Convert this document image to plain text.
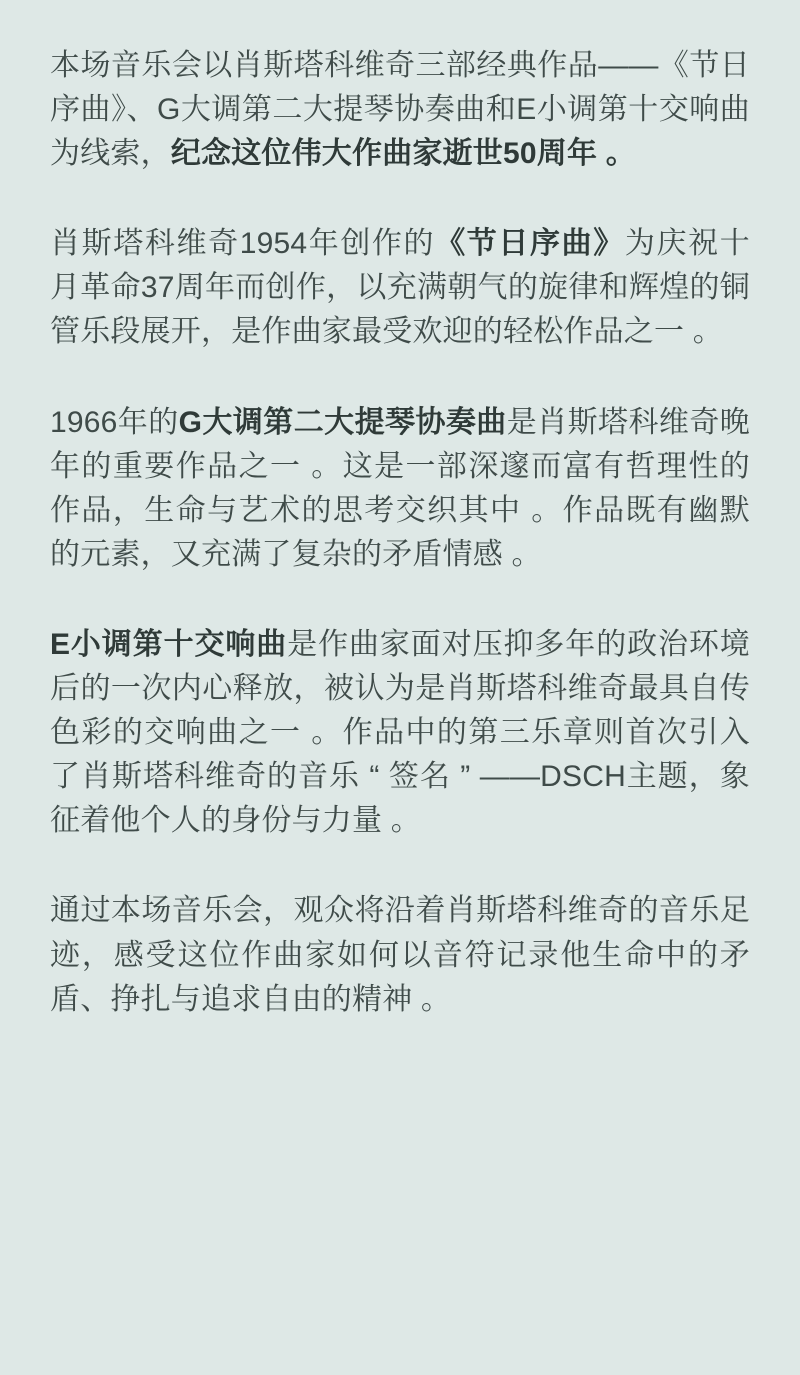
本场音乐会以肖斯塔科维奇三部经典作品——《节日序曲》、G大调第二大提琴协奏曲和E小调第十交响曲为线索，纪念这位伟大作曲家逝世50周年 。

肖斯塔科维奇1954年创作的《节日序曲》为庆祝十月革命37周年而创作，以充满朝气的旋律和辉煌的铜管乐段展开，是作曲家最受欢迎的轻松作品之一 。

1966年的G大调第二大提琴协奏曲是肖斯塔科维奇晚年的重要作品之一 。这是一部深邃而富有哲理性的作品，生命与艺术的思考交织其中 。作品既有幽默的元素，又充满了复杂的矛盾情感 。

E小调第十交响曲是作曲家面对压抑多年的政治环境后的一次内心释放，被认为是肖斯塔科维奇最具自传色彩的交响曲之一 。作品中的第三乐章则首次引入了肖斯塔科维奇的音乐 “ 签名 ” ——DSCH主题，象征着他个人的身份与力量 。

通过本场音乐会，观众将沿着肖斯塔科维奇的音乐足迹，感受这位作曲家如何以音符记录他生命中的矛盾、挣扎与追求自由的精神 。
